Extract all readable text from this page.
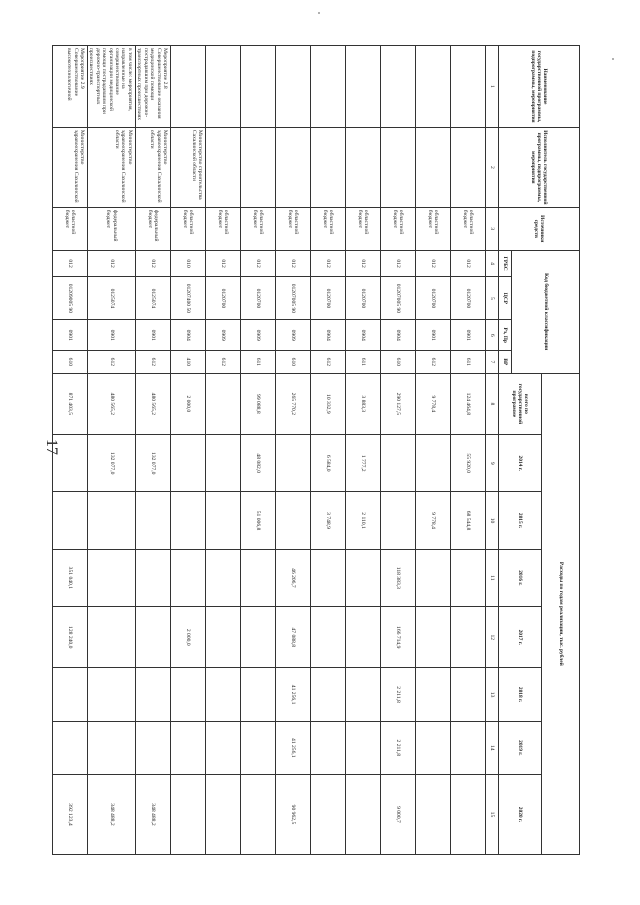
17
Наименование государственной программы, подпрограммы, мероприятия	Исполнитель государственной программы, подпрограммы, мероприятия	Источники средств	Код бюджетной классификации				Расходы по годам реализации, тыс. рублей							
							всего по государственной программе	2014 г.	2015 г.	2016 г.	2017 г.	2018 г.	2019 г.	2020 г.
			ГРБС	ЦСР	Рз, Пр	ВР								
1	2	3	4	5	6	7	8	9	10	11	12	13	14	15
		областной бюджет	012	0120700	0901	611	124 464,8	55 920,0	68 544,8					
		областной бюджет	012	0120700	0901	612	9 778,4		9 778,4					
		областной бюджет	012	01207005 90	0904	610	290 127,5			118 383,3	166 714,9	2 211,8	2 211,8	9 000,7
		областной бюджет	012	0120700	0904	611	3 883,3	1 777,2	2 110,1					
		областной бюджет	012	0120700	0904	612	10 332,9	6 584,0	3 748,9					
		областной бюджет	012	01207005 90	0909	610	265 770,2			46 206,7	47 088,8	41 256,1	41 256,1	90 962,5
		областной бюджет	012	0120700	0909	611	99 088,8	48 082,0	51 006,8					
		областной бюджет	012	0120700	0909	612								
	Министерство строительства Сахалинской области	областной бюджет	010	01207400 50	0904	410	2 000,0				2 000,0			
Мероприятие 2.8 Совершенствование оказания медицинской помощи пострадавшим при дорожно-транспортных происшествиях	Министерство здравоохранения Сахалинской области	федеральный бюджет	012	0125074	0901	612	480 565,2	132 077,0						348 488,2
в том числе: мероприятия, направленные на совершенствование организации медицинской помощи пострадавшим при дорожно-транспортных происшествиях	Министерство здравоохранения Сахалинской области	федеральный бюджет	012	0125074	0901	612	480 565,2	132 077,0						348 488,2
Мероприятие 2.9 Совершенствование высокотехнологичной	Министерство здравоохранения Сахалинской	областной бюджет	012	01209005 90	0901	610	871 403,5			351 040,1	128 240,0			392 123,4
